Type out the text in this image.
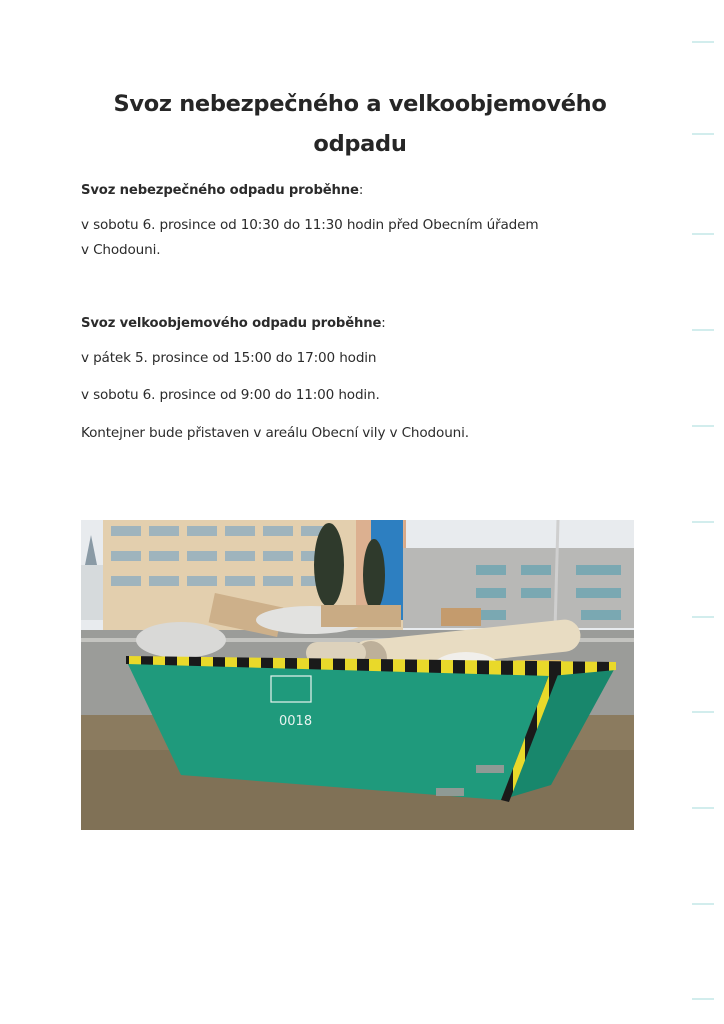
Svoz nebezpečného a velkoobjemového
odpadu
Svoz nebezpečného odpadu proběhne:
v sobotu 6. prosince od 10:30 do 11:30 hodin před Obecním úřadem
v Chodouni.
Svoz velkoobjemového odpadu proběhne:
v pátek 5. prosince od 15:00 do 17:00 hodin
v sobotu 6. prosince od 9:00 do 11:00 hodin.
Kontejner bude přistaven v areálu Obecní vily v Chodouni.
0018
